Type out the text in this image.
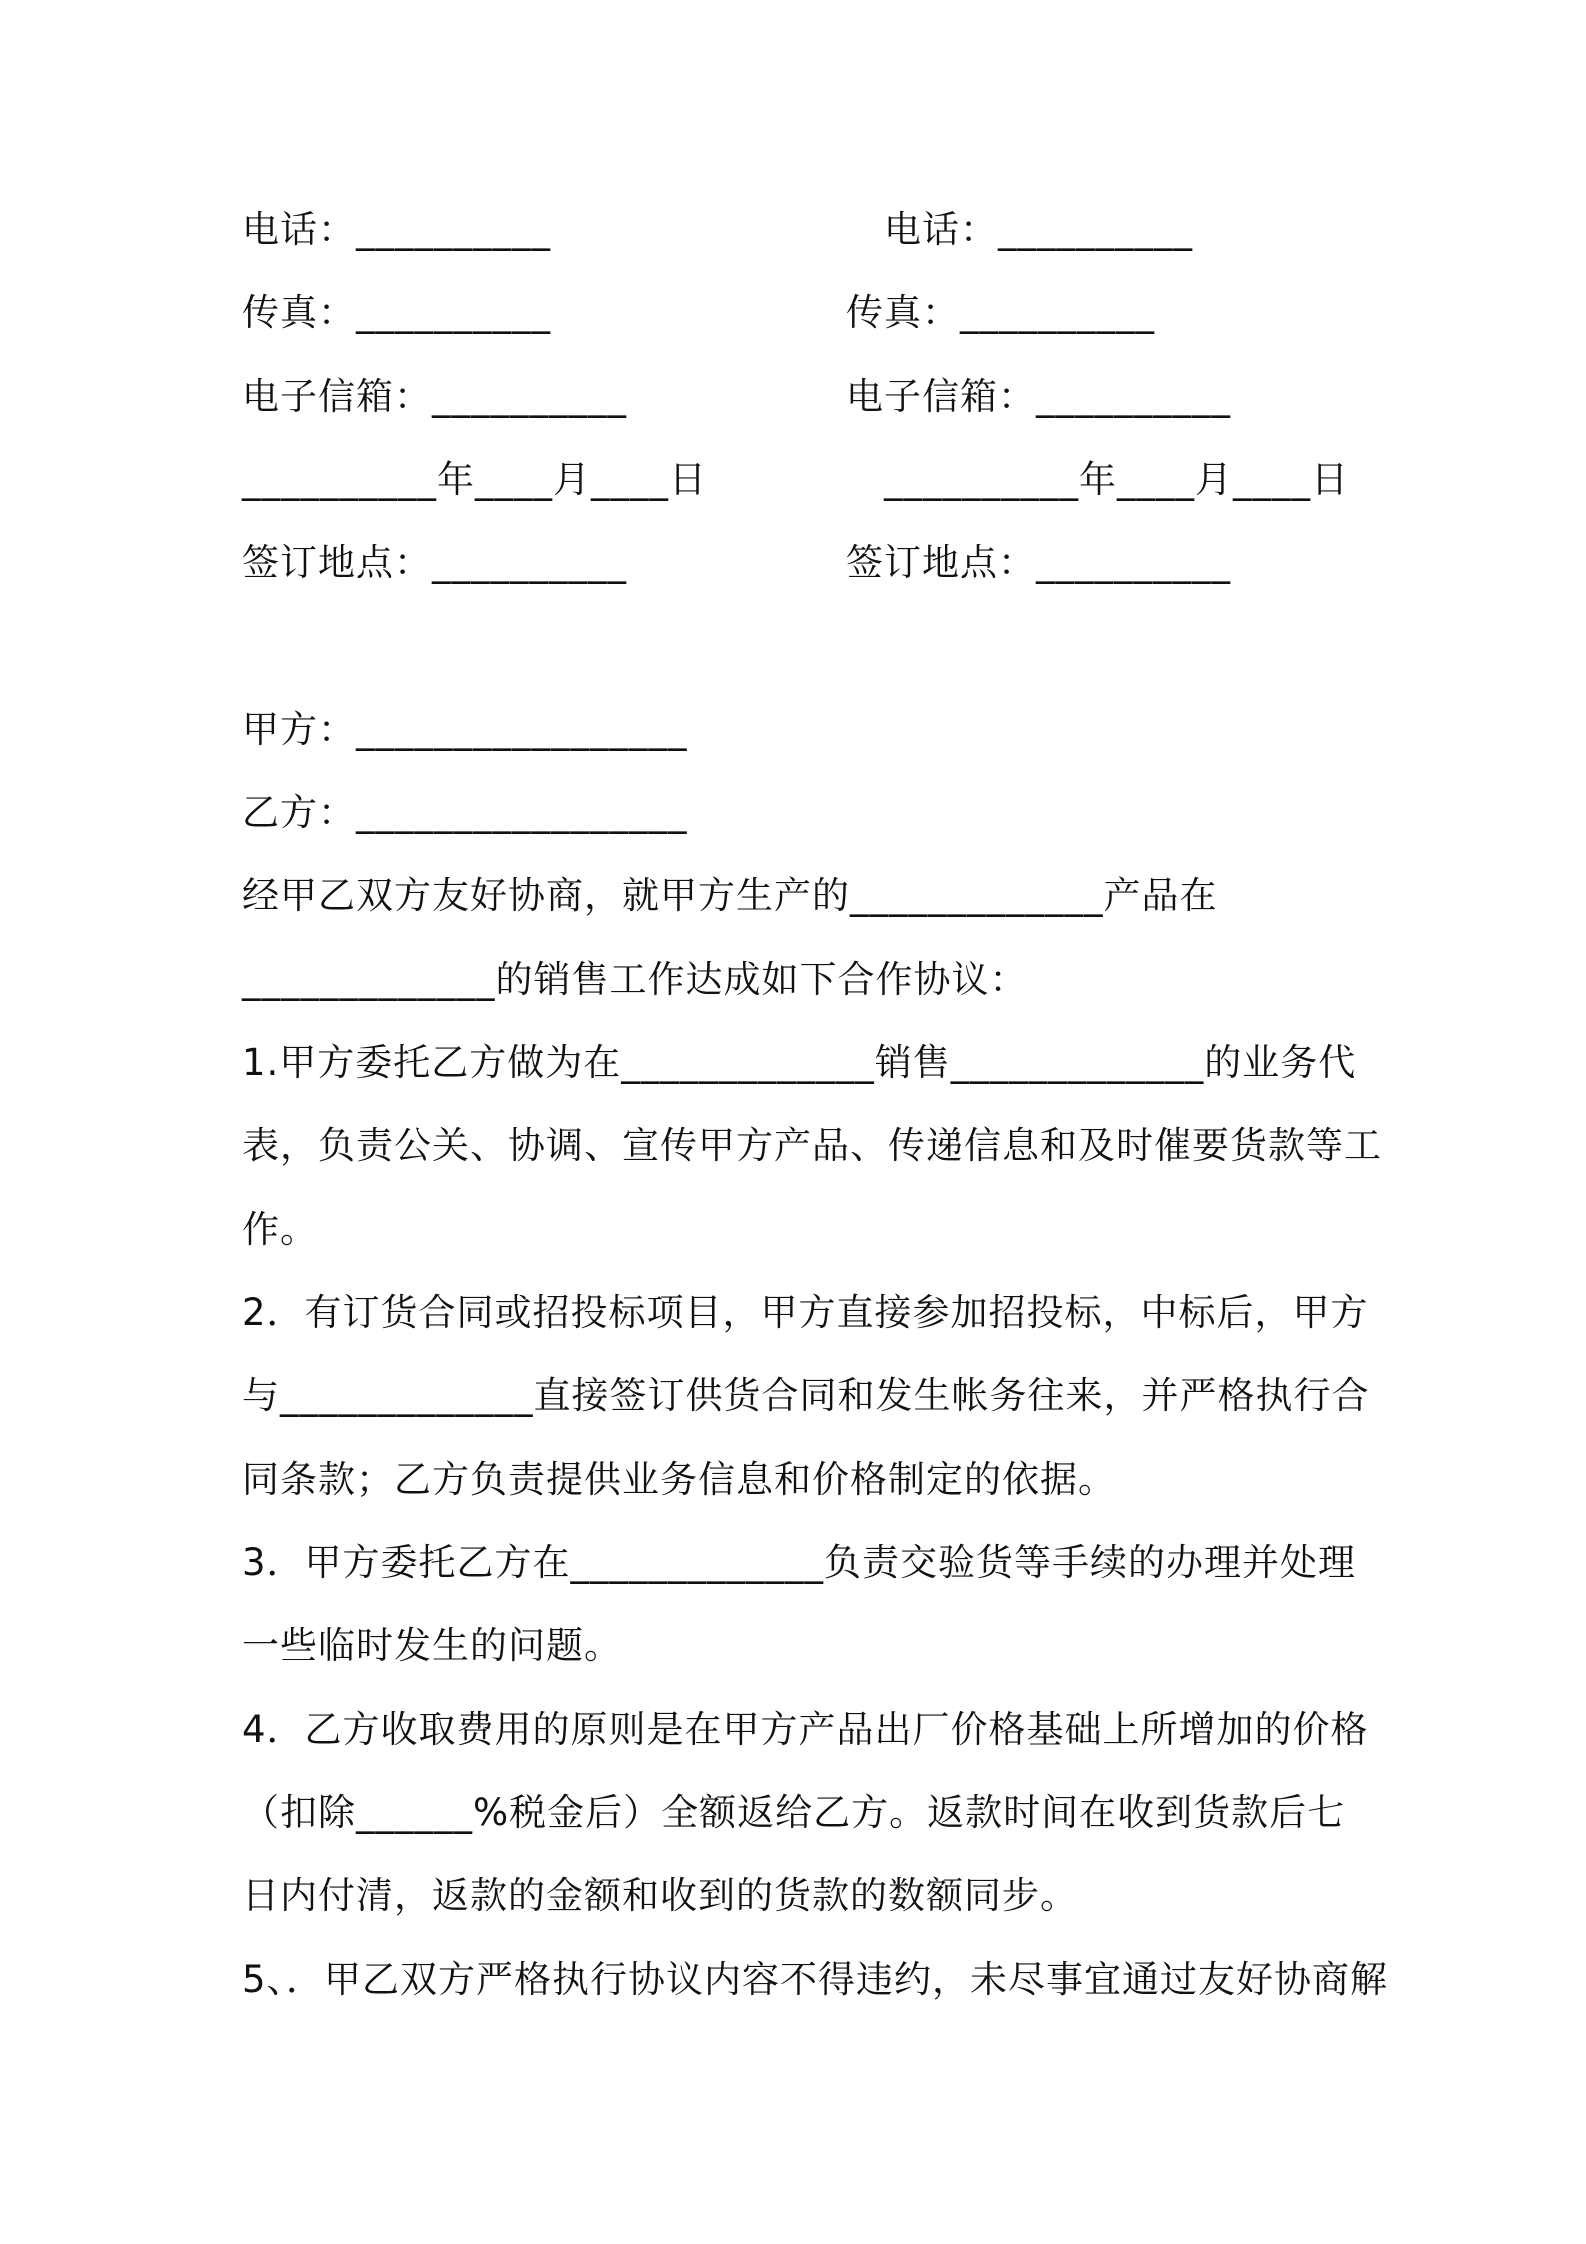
电话：__________
传真：__________
电子信箱：__________
__________年____月____日
签订地点：__________
电话：__________
传真：__________
电子信箱：__________
__________年____月____日
签订地点：__________
甲方：_________________
乙方：_________________
经甲乙双方友好协商，就甲方生产的_____________产品在
_____________的销售工作达成如下合作协议：
1.甲方委托乙方做为在_____________销售_____________的业务代
表，负责公关、协调、宣传甲方产品、传递信息和及时催要货款等工
作。
2．有订货合同或招投标项目，甲方直接参加招投标，中标后，甲方
与_____________直接签订供货合同和发生帐务往来，并严格执行合
同条款；乙方负责提供业务信息和价格制定的依据。
3．甲方委托乙方在_____________负责交验货等手续的办理并处理
一些临时发生的问题。
4．乙方收取费用的原则是在甲方产品出厂价格基础上所增加的价格
（扣除______%税金后）全额返给乙方。返款时间在收到货款后七
日内付清，返款的金额和收到的货款的数额同步。
5、．甲乙双方严格执行协议内容不得违约，未尽事宜通过友好协商解
